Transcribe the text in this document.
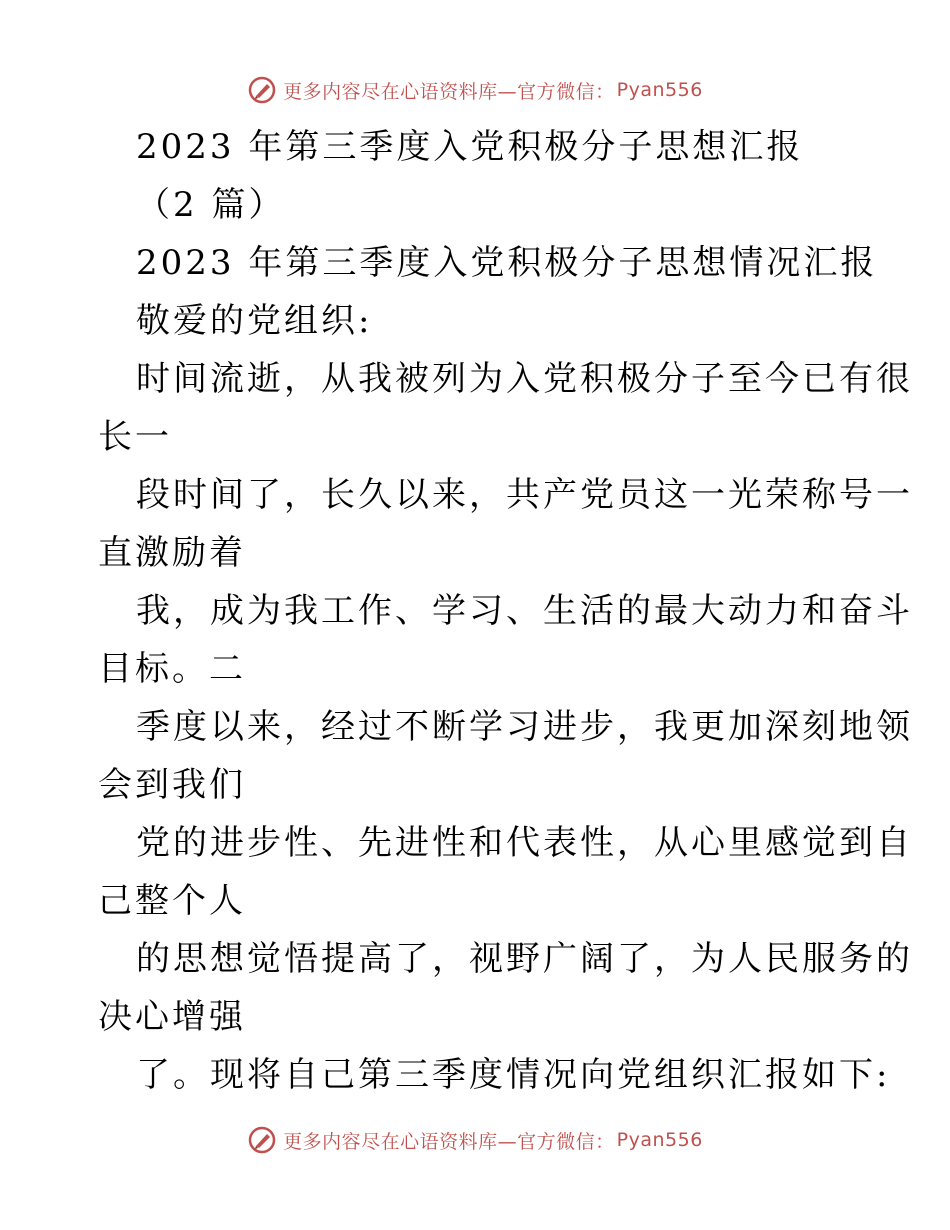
更多内容尽在心语资料库—官方微信： Pyan556
2023 年第三季度入党积极分子思想汇报
（2 篇）
2023 年第三季度入党积极分子思想情况汇报
敬爱的党组织:
时间流逝，从我被列为入党积极分子至今已有很
长一
段时间了，长久以来，共产党员这一光荣称号一
直激励着
我，成为我工作、学习、生活的最大动力和奋斗
目标。二
季度以来，经过不断学习进步，我更加深刻地领
会到我们
党的进步性、先进性和代表性，从心里感觉到自
己整个人
的思想觉悟提高了，视野广阔了，为人民服务的
决心增强
了。现将自己第三季度情况向党组织汇报如下:
更多内容尽在心语资料库—官方微信： Pyan556
